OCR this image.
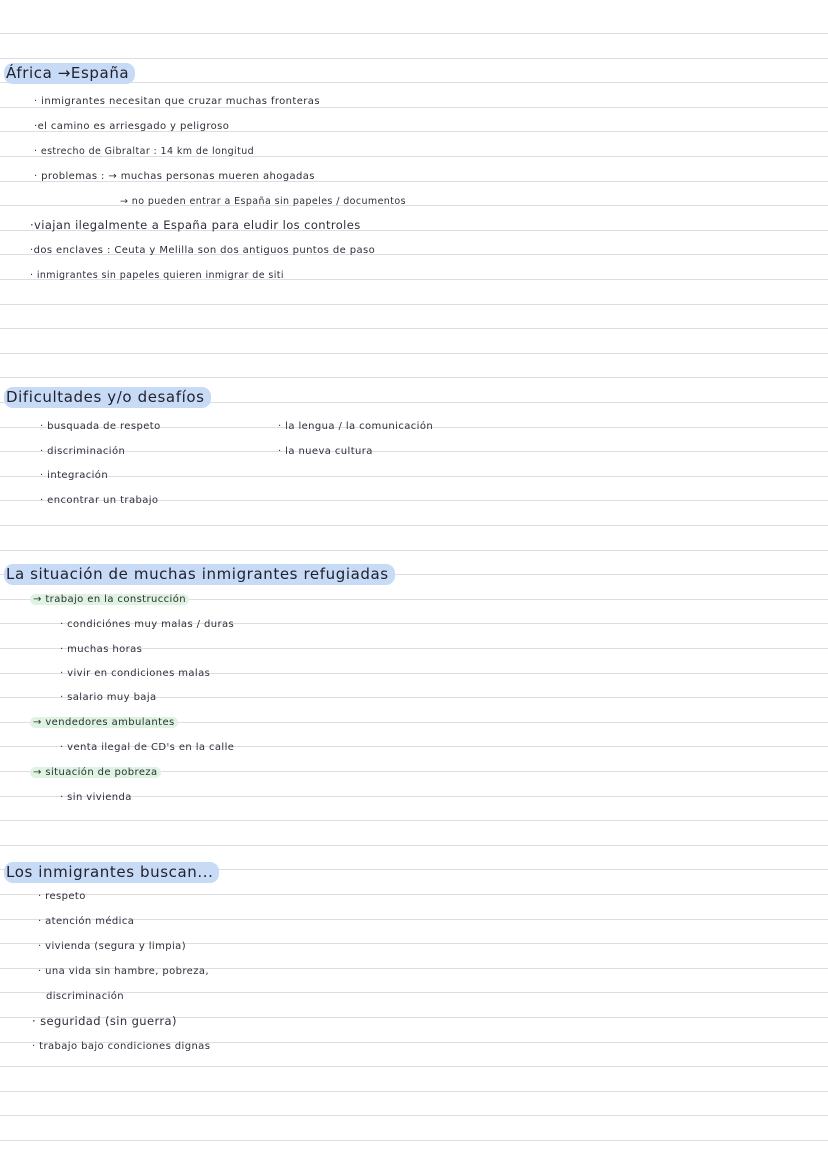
África →España
· inmigrantes necesitan que cruzar muchas fronteras
·el camino es arriesgado y peligroso
· estrecho de Gibraltar : 14 km de longitud
· problemas : → muchas personas mueren ahogadas
→ no pueden entrar a España sin papeles / documentos
·viajan ilegalmente a España para eludir los controles
·dos enclaves : Ceuta y Melilla son dos antiguos puntos de paso
· inmigrantes sin papeles quieren inmigrar de siti
Dificultades y/o desafíos
· busquada de respeto
· discriminación
· integración
· encontrar un trabajo
· la lengua / la comunicación
· la nueva cultura
La situación de muchas inmigrantes refugiadas
→ trabajo en la construcción
· condiciónes muy malas / duras
· muchas horas
· vivir en condiciones malas
· salario muy baja
→ vendedores ambulantes
· venta ilegal de CD's en la calle
→ situación de pobreza
· sin vivienda
Los inmigrantes buscan...
· respeto
· atención médica
· vivienda (segura y limpia)
· una vida sin hambre, pobreza,
discriminación
· seguridad (sin guerra)
· trabajo bajo condiciones dignas
